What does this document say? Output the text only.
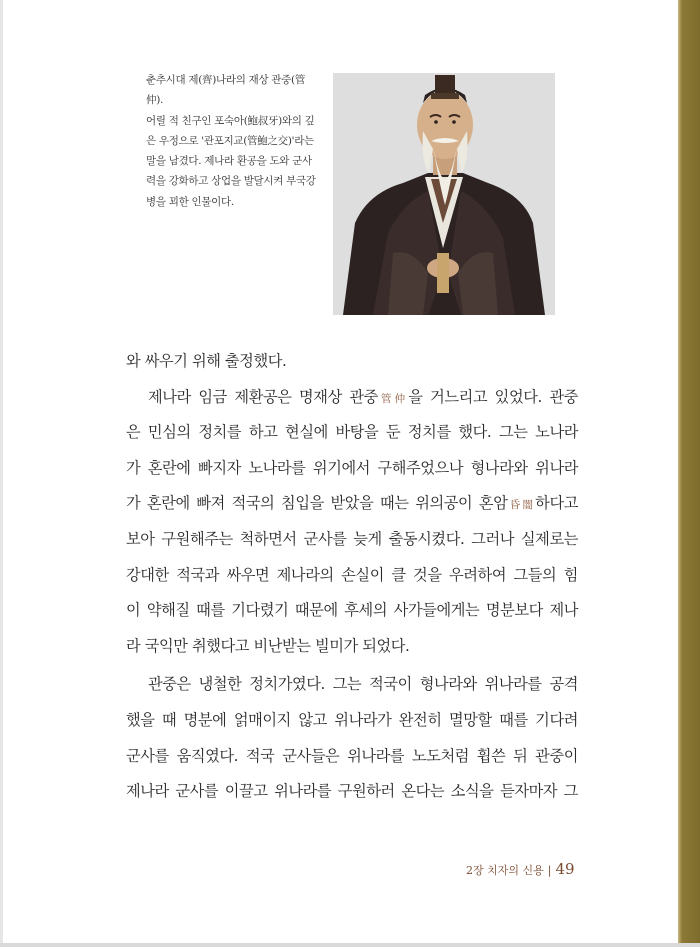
춘추시대 제(齊)나라의 재상 관중(管仲).
어릴 적 친구인 포숙아(鮑叔牙)와의 깊
은 우정으로 '관포지교(管鮑之交)'라는
말을 남겼다. 제나라 환공을 도와 군사
력을 강화하고 상업을 발달시켜 부국강
병을 꾀한 인물이다.
와 싸우기 위해 출정했다.
제나라 임금 제환공은 명재상 관중管仲을 거느리고 있었다. 관중
은 민심의 정치를 하고 현실에 바탕을 둔 정치를 했다. 그는 노나라
가 혼란에 빠지자 노나라를 위기에서 구해주었으나 형나라와 위나라
가 혼란에 빠져 적국의 침입을 받았을 때는 위의공이 혼암昏闇하다고
보아 구원해주는 척하면서 군사를 늦게 출동시켰다. 그러나 실제로는
강대한 적국과 싸우면 제나라의 손실이 클 것을 우려하여 그들의 힘
이 약해질 때를 기다렸기 때문에 후세의 사가들에게는 명분보다 제나
라 국익만 취했다고 비난받는 빌미가 되었다.
관중은 냉철한 정치가였다. 그는 적국이 형나라와 위나라를 공격
했을 때 명분에 얽매이지 않고 위나라가 완전히 멸망할 때를 기다려
군사를 움직였다. 적국 군사들은 위나라를 노도처럼 휩쓴 뒤 관중이
제나라 군사를 이끌고 위나라를 구원하러 온다는 소식을 듣자마자 그
2장 치자의 신용 | 49
